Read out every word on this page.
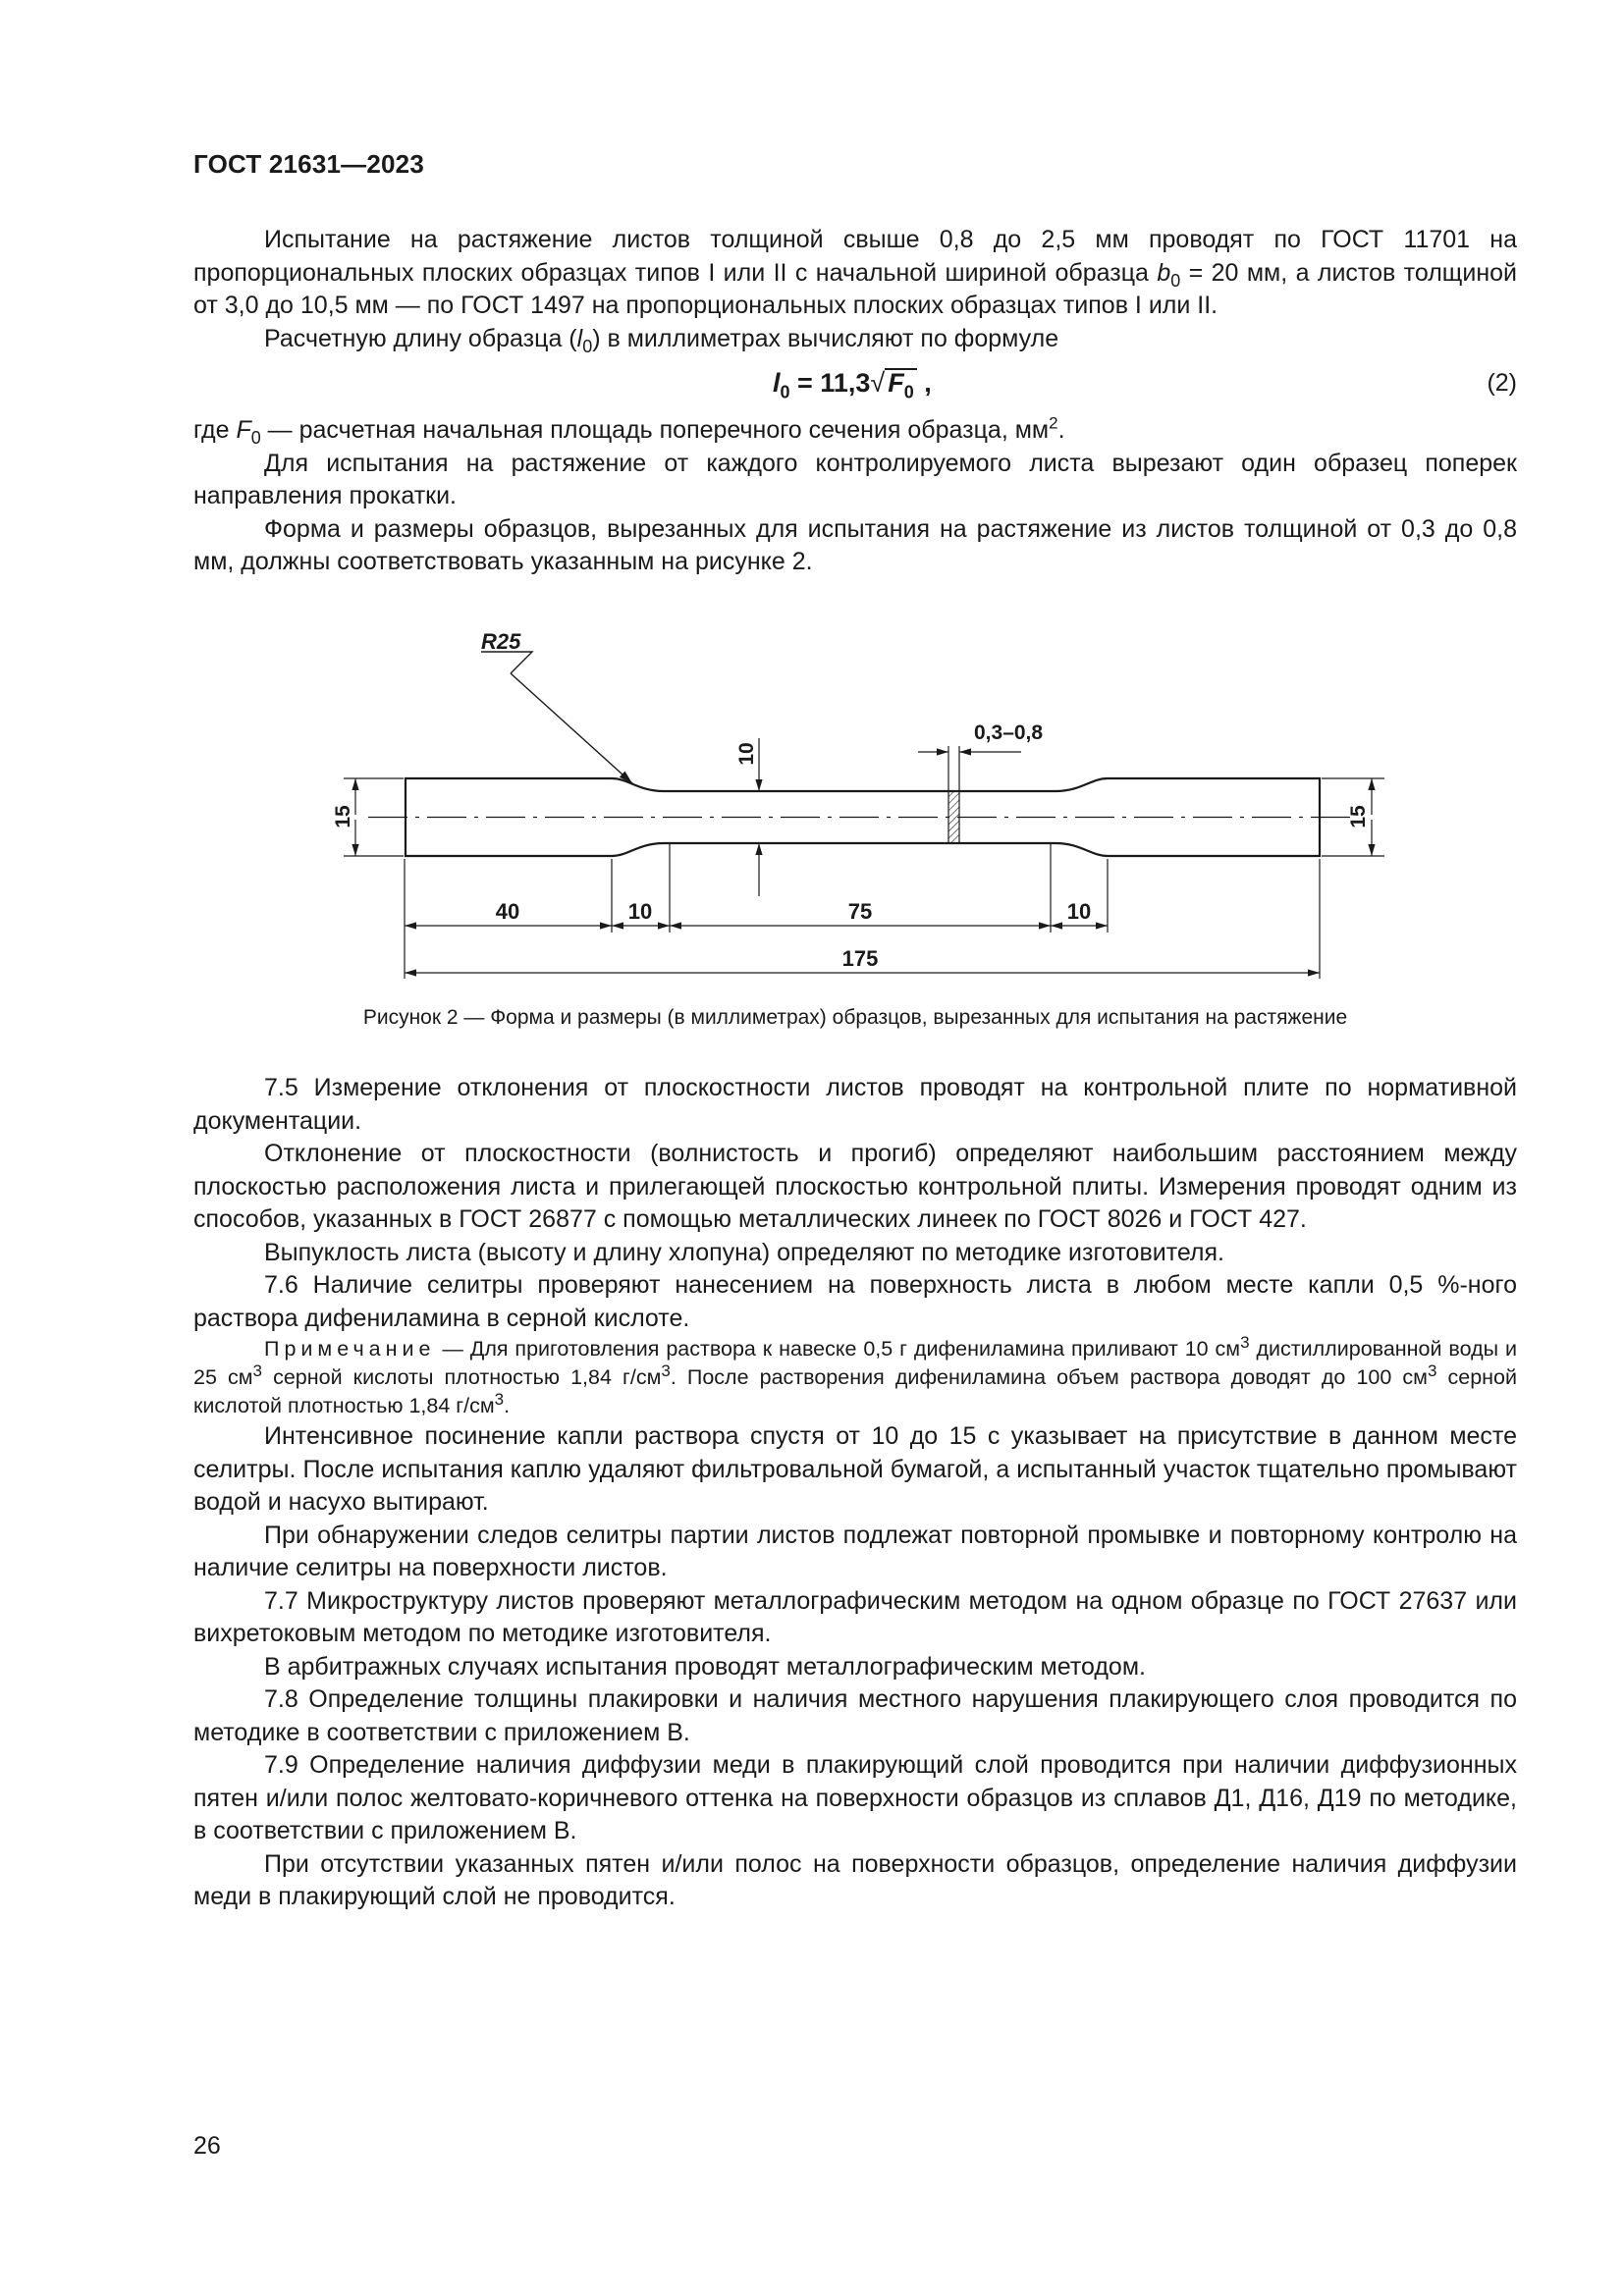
ГОСТ 21631—2023

Испытание на растяжение листов толщиной свыше 0,8 до 2,5 мм проводят по ГОСТ 11701 на пропорциональных плоских образцах типов I или II с начальной шириной образца $b_0 = 20$ мм, а листов толщиной от 3,0 до 10,5 мм — по ГОСТ 1497 на пропорциональных плоских образцах типов I или II.

Расчетную длину образца $(l_0)$ в миллиметрах вычисляют по формуле

$l_0 = 11,3√$ $F_0$ ,	(2)

где $F_0$ — расчетная начальная площадь поперечного сечения образца, $мм^2$.

Для испытания на растяжение от каждого контролируемого листа вырезают один образец поперек направления прокатки.

Форма и размеры образцов, вырезанных для испытания на растяжение из листов толщиной от 0,3 до 0,8 мм, должны соответствовать указанным на рисунке 2.

0,3–0,8
10
15	15
R25
40	10	75	10
175
Рисунок 2 — Форма и размеры (в миллиметрах) образцов, вырезанных для испытания на растяжение

7.5 Измерение отклонения от плоскостности листов проводят на контрольной плите по нормативной документации.

Отклонение от плоскостности (волнистость и прогиб) определяют наибольшим расстоянием между плоскостью расположения листа и прилегающей плоскостью контрольной плиты. Измерения проводят одним из способов, указанных в ГОСТ 26877 с помощью металлических линеек по ГОСТ 8026 и ГОСТ 427.

Выпуклость листа (высоту и длину хлопуна) определяют по методике изготовителя.

7.6 Наличие селитры проверяют нанесением на поверхность листа в любом месте капли 0,5 %-ного раствора дифениламина в серной кислоте.

Примечание — Для приготовления раствора к навеске 0,5 г дифениламина приливают 10 $см^3$ дистиллированной воды и 25 $см^3$ серной кислоты плотностью 1,84 $г/см^3$. После растворения дифениламина объем раствора доводят до 100 $см^3$ серной кислотой плотностью 1,84 $г/см^3$.

Интенсивное посинение капли раствора спустя от 10 до 15 с указывает на присутствие в данном месте селитры. После испытания каплю удаляют фильтровальной бумагой, а испытанный участок тщательно промывают водой и насухо вытирают.

При обнаружении следов селитры партии листов подлежат повторной промывке и повторному контролю на наличие селитры на поверхности листов.

7.7 Микроструктуру листов проверяют металлографическим методом на одном образце по ГОСТ 27637 или вихретоковым методом по методике изготовителя.

В арбитражных случаях испытания проводят металлографическим методом.

7.8 Определение толщины плакировки и наличия местного нарушения плакирующего слоя проводится по методике в соответствии с приложением В.

7.9 Определение наличия диффузии меди в плакирующий слой проводится при наличии диффузионных пятен и/или полос желтовато-коричневого оттенка на поверхности образцов из сплавов Д1, Д16, Д19 по методике, в соответствии с приложением В.

При отсутствии указанных пятен и/или полос на поверхности образцов, определение наличия диффузии меди в плакирующий слой не проводится.

26
